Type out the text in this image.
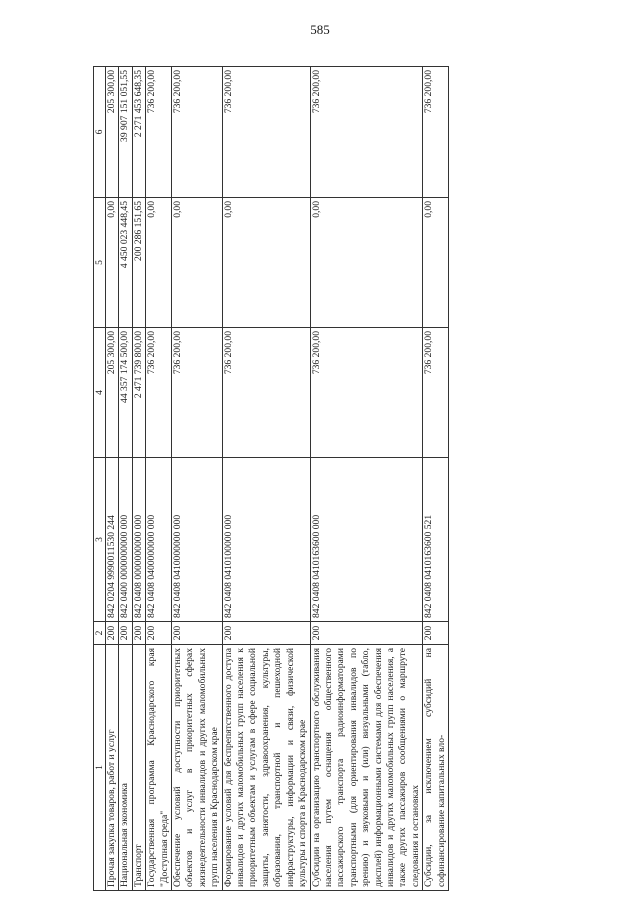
585
1	2	3	4	5	6
Прочая закупка товаров, работ и услуг	200	842 0204 9990011530 244	205 300,00	0,00	205 300,00
Национальная экономика	200	842 0400 0000000000 000	44 357 174 500,00	4 450 023 448,45	39 907 151 051,55
Транспорт	200	842 0408 0000000000 000	2 471 739 800,00	200 286 151,65	2 271 453 648,35
Государственная программа Краснодарского края "Доступная среда"	200	842 0408 0400000000 000	736 200,00	0,00	736 200,00
Обеспечение условий доступности приоритетных объектов и услуг в приоритетных сферах жизнедеятельности инвалидов и других маломобильных групп населения в Краснодарском крае	200	842 0408 0410000000 000	736 200,00	0,00	736 200,00
Формирование условий для беспрепятственного доступа инвалидов и других маломобильных групп населения к приоритетным объектам и услугам в сфере социальной защиты, занятости, здравоохранения, культуры, образования, транспортной и пешеходной инфраструктуры, информации и связи, физической культуры и спорта в Краснодарском крае	200	842 0408 0410100000 000	736 200,00	0,00	736 200,00
Субсидии на организацию транспортного обслуживания населения путем оснащения общественного пассажирского транспорта радиоинформаторами транспортными (для ориентирования инвалидов по зрению) и звуковыми и (или) визуальными (табло, дисплей) информационными системами для обеспечения инвалидов и других маломобильных групп населения, а также других пассажиров сообщениями о маршруте следования и остановках	200	842 0408 0410163600 000	736 200,00	0,00	736 200,00
Субсидии, за исключением субсидий на софинансирование капитальных вло-	200	842 0408 0410163600 521	736 200,00	0,00	736 200,00
